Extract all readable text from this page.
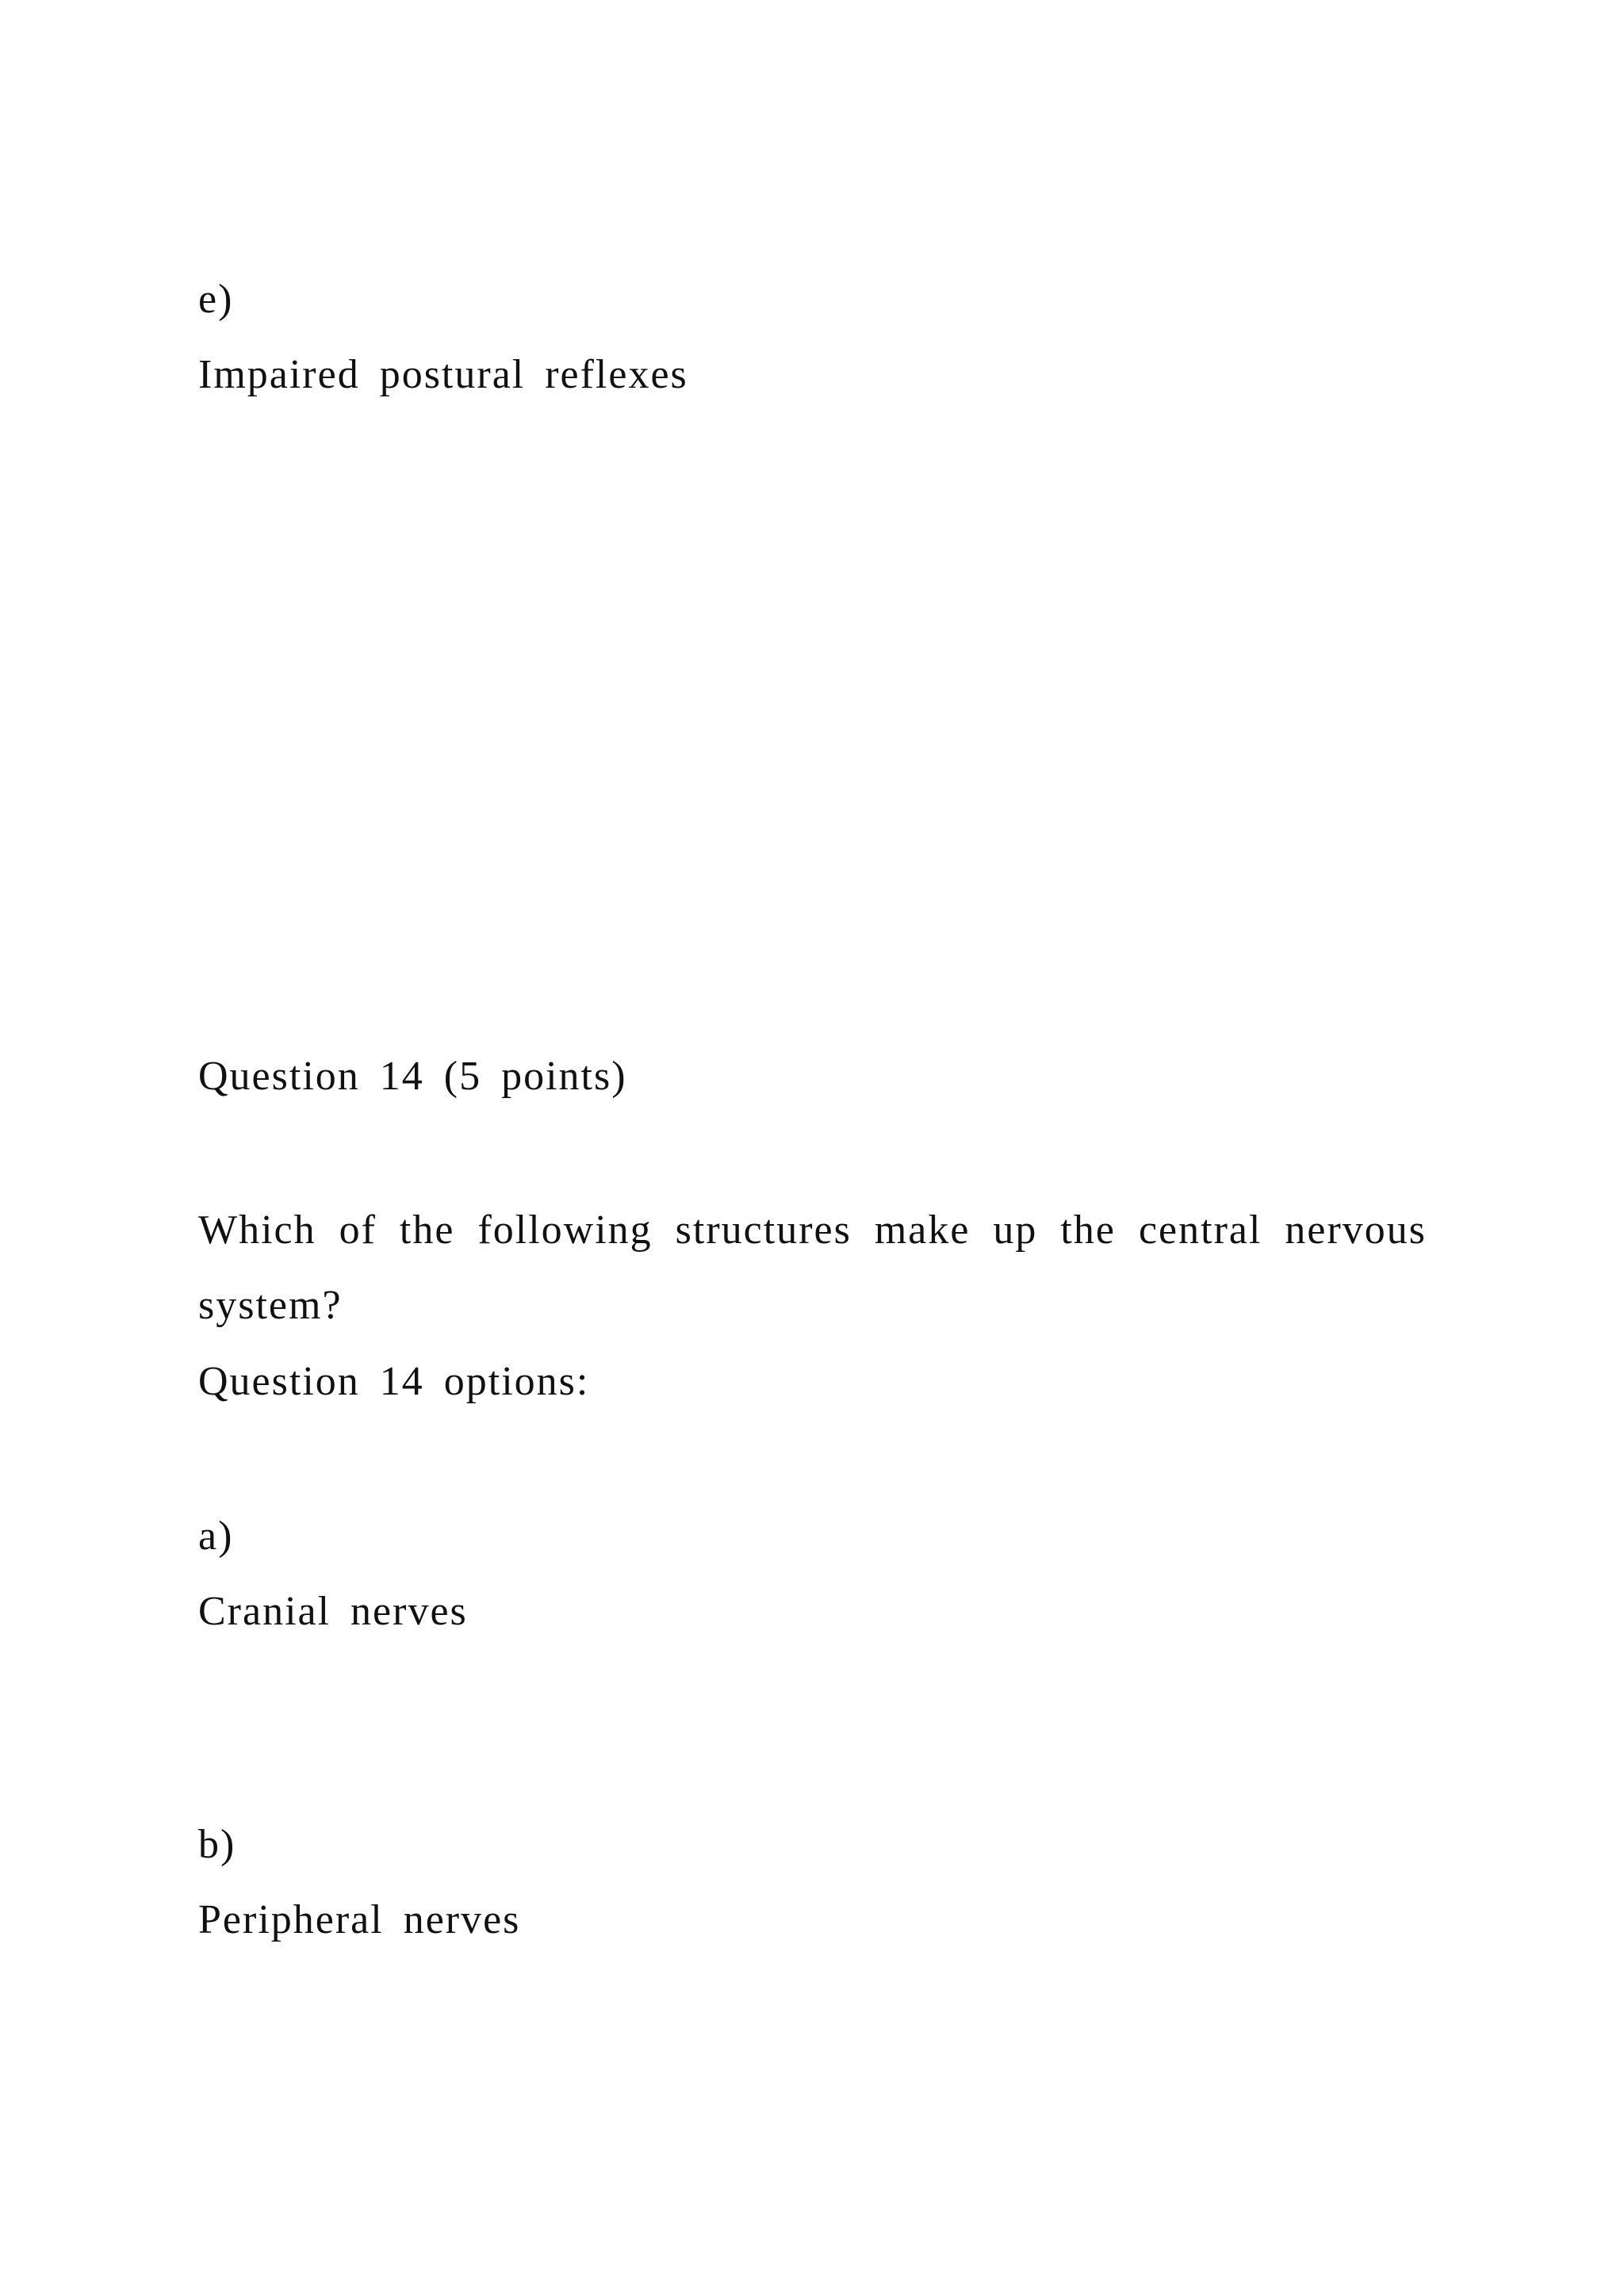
e)
Impaired postural reflexes
Question 14 (5 points)
Which of the following structures make up the central nervous
system?
Question 14 options:
a)
Cranial nerves
b)
Peripheral nerves
